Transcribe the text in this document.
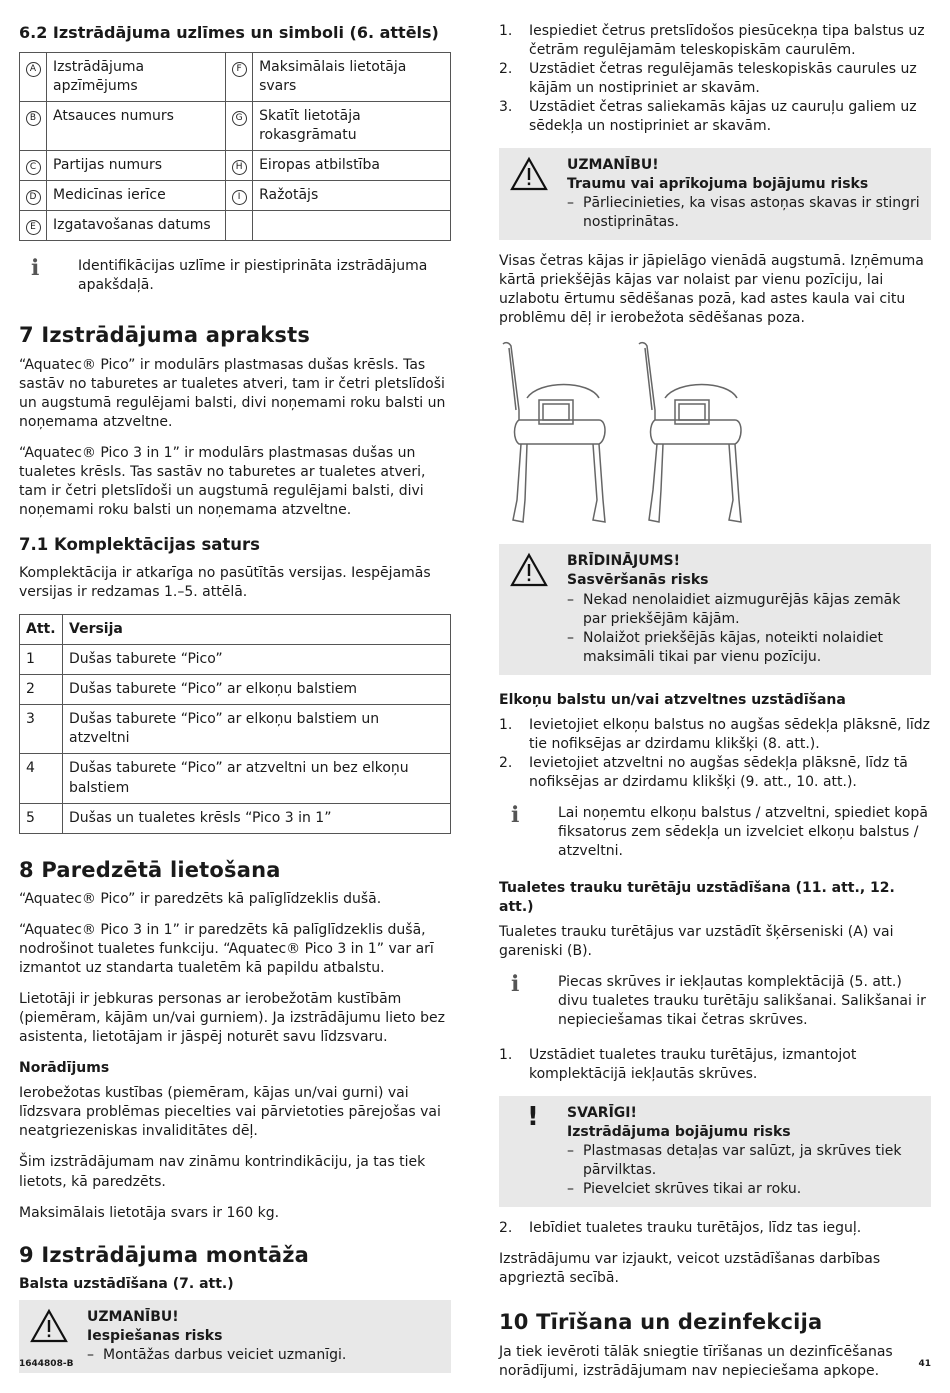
6.2 Izstrādājuma uzlīmes un simboli (6. attēls)
A	Izstrādājuma apzīmējums	F	Maksimālais lietotāja svars
B	Atsauces numurs	G	Skatīt lietotāja rokasgrāmatu
C	Partijas numurs	H	Eiropas atbilstība
D	Medicīnas ierīce	I	Ražotājs
E	Izgatavošanas datums		
ℹ	Identifikācijas uzlīme ir piestiprināta izstrādājuma apakšdaļā.
7 Izstrādājuma apraksts

“Aquatec® Pico” ir modulārs plastmasas dušas krēsls. Tas sastāv no taburetes ar tualetes atveri, tam ir četri pletslīdoši un augstumā regulējami balsti, divi noņemami roku balsti un noņemama atzveltne.

“Aquatec® Pico 3 in 1” ir modulārs plastmasas dušas un tualetes krēsls. Tas sastāv no taburetes ar tualetes atveri, tam ir četri pletslīdoši un augstumā regulējami balsti, divi noņemami roku balsti un noņemama atzveltne.

7.1 Komplektācijas saturs

Komplektācija ir atkarīga no pasūtītās versijas. Iespējamās versijas ir redzamas 1.–5. attēlā.

Att.	Versija
1	Dušas taburete “Pico”
2	Dušas taburete “Pico” ar elkoņu balstiem
3	Dušas taburete “Pico” ar elkoņu balstiem un atzveltni
4	Dušas taburete “Pico” ar atzveltni un bez elkoņu balstiem
5	Dušas un tualetes krēsls “Pico 3 in 1”
8 Paredzētā lietošana

“Aquatec® Pico” ir paredzēts kā palīglīdzeklis dušā.

“Aquatec® Pico 3 in 1” ir paredzēts kā palīglīdzeklis dušā, nodrošinot tualetes funkciju. “Aquatec® Pico 3 in 1” var arī izmantot uz standarta tualetēm kā papildu atbalstu.

Lietotāji ir jebkuras personas ar ierobežotām kustībām (piemēram, kājām un/vai gurniem). Ja izstrādājumu lieto bez asistenta, lietotājam ir jāspēj noturēt savu līdzsvaru.

Norādījums

Ierobežotas kustības (piemēram, kājas un/vai gurni) vai līdzsvara problēmas piecelties vai pārvietoties pārejošas vai neatgriezeniskas invaliditātes dēļ.

Šim izstrādājumam nav zināmu kontrindikāciju, ja tas tiek lietots, kā paredzēts.

Maksimālais lietotāja svars ir 160 kg.

9 Izstrādājuma montāža
Balsta uzstādīšana (7. att.)
UZMANĪBU!
Iespiešanas risks
– Montāžas darbus veiciet uzmanīgi.
1.	Iespiediet četrus pretslīdošos piesūcekņa tipa balstus uz četrām regulējamām teleskopiskām caurulēm.
2.	Uzstādiet četras regulējamās teleskopiskās caurules uz kājām un nostipriniet ar skavām.
3.	Uzstādiet četras saliekamās kājas uz cauruļu galiem uz sēdekļa un nostipriniet ar skavām.
UZMANĪBU!
Traumu vai aprīkojuma bojājumu risks
– Pārliecinieties, ka visas astoņas skavas ir stingri nostiprinātas.

Visas četras kājas ir jāpielāgo vienādā augstumā. Izņēmuma kārtā priekšējās kājas var nolaist par vienu pozīciju, lai uzlabotu ērtumu sēdēšanas pozā, kad astes kaula vai citu problēmu dēļ ir ierobežota sēdēšanas poza.

BRĪDINĀJUMS!
Sasvēršanās risks
– Nekad nenolaidiet aizmugurējās kājas zemāk par priekšējām kājām.
– Nolaižot priekšējās kājas, noteikti nolaidiet maksimāli tikai par vienu pozīciju.
Elkoņu balstu un/vai atzveltnes uzstādīšana
1.	Ievietojiet elkoņu balstus no augšas sēdekļa plāksnē, līdz tie nofiksējas ar dzirdamu klikšķi (8. att.).
2.	Ievietojiet atzveltni no augšas sēdekļa plāksnē, līdz tā nofiksējas ar dzirdamu klikšķi (9. att., 10. att.).
ℹ	Lai noņemtu elkoņu balstus / atzveltni, spiediet kopā fiksatorus zem sēdekļa un izvelciet elkoņu balstus / atzveltni.
Tualetes trauku turētāju uzstādīšana (11. att., 12. att.)

Tualetes trauku turētājus var uzstādīt šķērseniski (A) vai gareniski (B).

ℹ	Piecas skrūves ir iekļautas komplektācijā (5. att.) divu tualetes trauku turētāju salikšanai. Salikšanai ir nepieciešamas tikai četras skrūves.
1.	Uzstādiet tualetes trauku turētājus, izmantojot komplektācijā iekļautās skrūves.
!	SVARĪGI!
Izstrādājuma bojājumu risks
– Plastmasas detaļas var salūzt, ja skrūves tiek pārvilktas.
– Pievelciet skrūves tikai ar roku.
2.	Iebīdiet tualetes trauku turētājos, līdz tas ieguļ.

Izstrādājumu var izjaukt, veicot uzstādīšanas darbības apgrieztā secībā.

10 Tīrīšana un dezinfekcija

Ja tiek ievēroti tālāk sniegtie tīrīšanas un dezinfīcēšanas norādījumi, izstrādājumam nav nepieciešama apkope.

1644808-B	41
